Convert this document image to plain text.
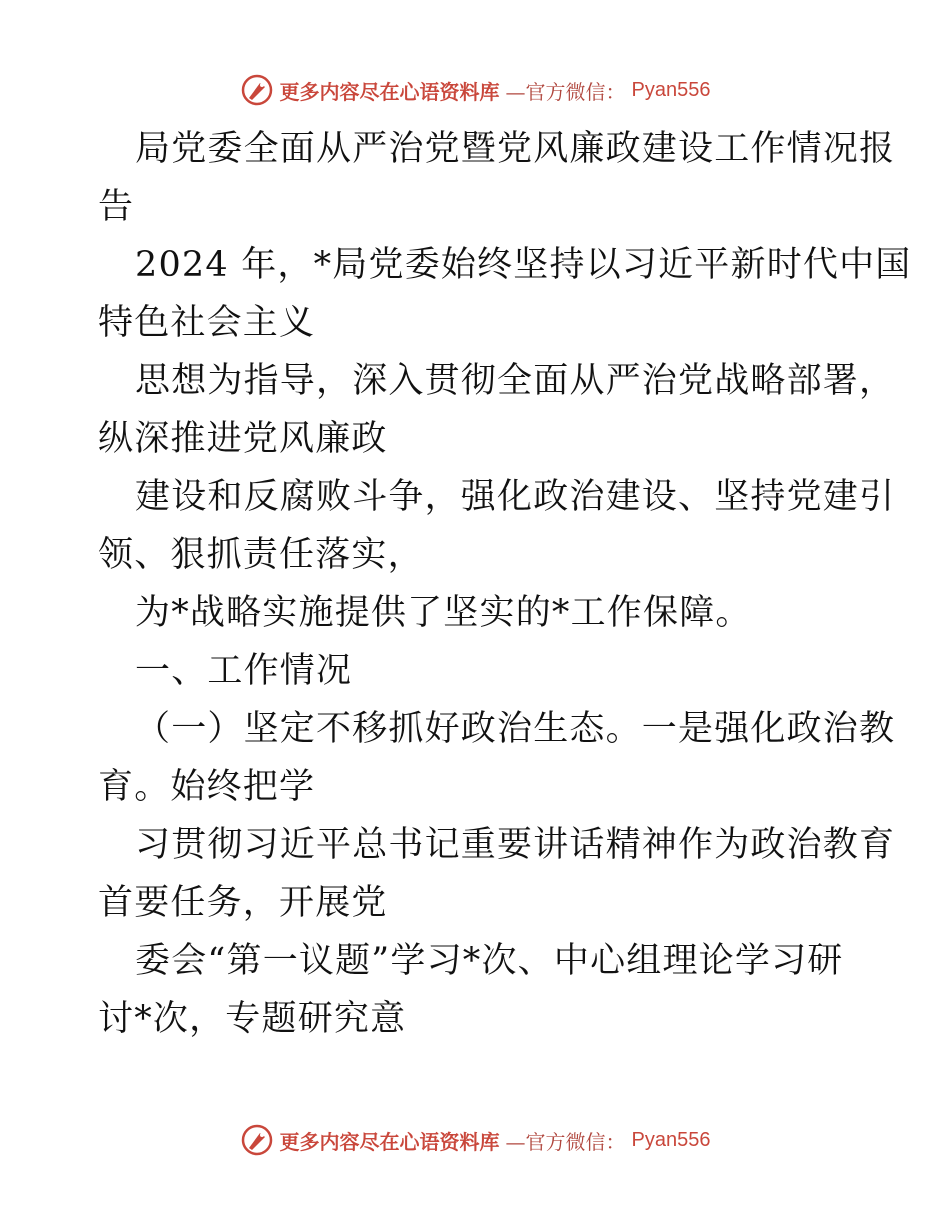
更多内容尽在心语资料库 —官方微信： Pyan556

局党委全面从严治党暨党风廉政建设工作情况报

告

2024 年，*局党委始终坚持以习近平新时代中国

特色社会主义

思想为指导，深入贯彻全面从严治党战略部署，

纵深推进党风廉政

建设和反腐败斗争，强化政治建设、坚持党建引

领、狠抓责任落实，

为*战略实施提供了坚实的*工作保障。

一、工作情况

（一）坚定不移抓好政治生态。一是强化政治教

育。始终把学

习贯彻习近平总书记重要讲话精神作为政治教育

首要任务，开展党

委会“第一议题”学习*次、中心组理论学习研

讨*次，专题研究意

更多内容尽在心语资料库 —官方微信： Pyan556
